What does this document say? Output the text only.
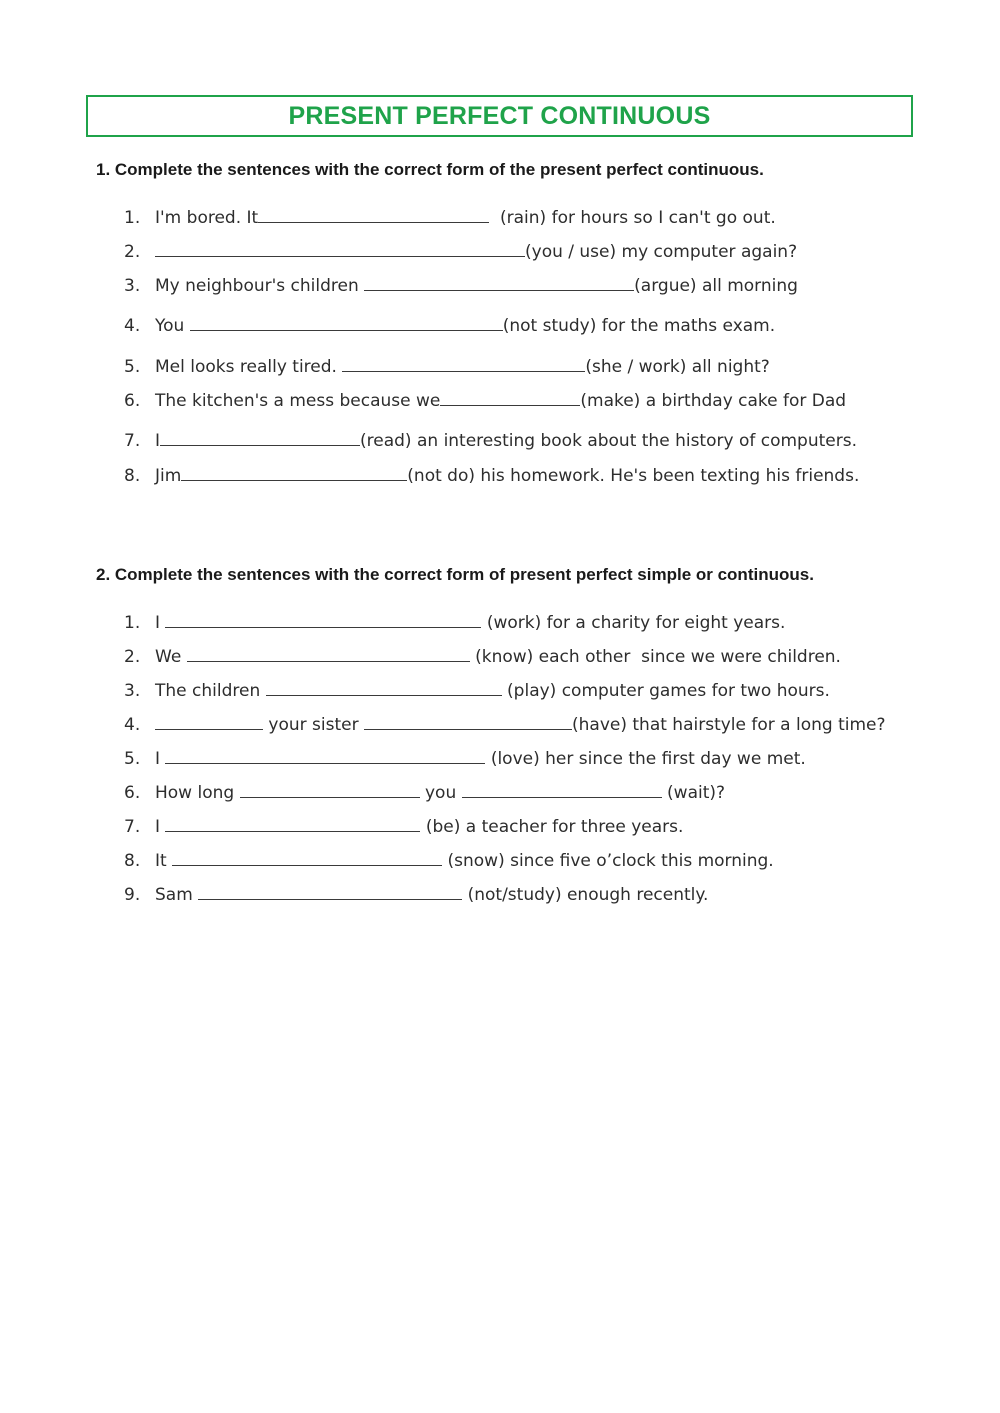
PRESENT PERFECT CONTINUOUS
1. Complete the sentences with the correct form of the present perfect continuous.
1. I'm bored. It	(rain) for hours so I can't go out.
2.	(you / use) my computer again?
3. My neighbour's children	(argue) all morning
4. You	(not study) for the maths exam.
5. Mel looks really tired.	(she / work) all night?
6. The kitchen's a mess because we	(make) a birthday cake for Dad
7. I	(read) an interesting book about the history of computers.
8. Jim	(not do) his homework. He's been texting his friends.
2. Complete the sentences with the correct form of present perfect simple or continuous.
1. I	(work) for a charity for eight years.
2. We	(know) each other  since we were children.
3. The children	(play) computer games for two hours.
4.	your sister	(have) that hairstyle for a long time?
5. I	(love) her since the first day we met.
6. How long	you	(wait)?
7. I	(be) a teacher for three years.
8. It	(snow) since five o’clock this morning.
9. Sam	(not/study) enough recently.
